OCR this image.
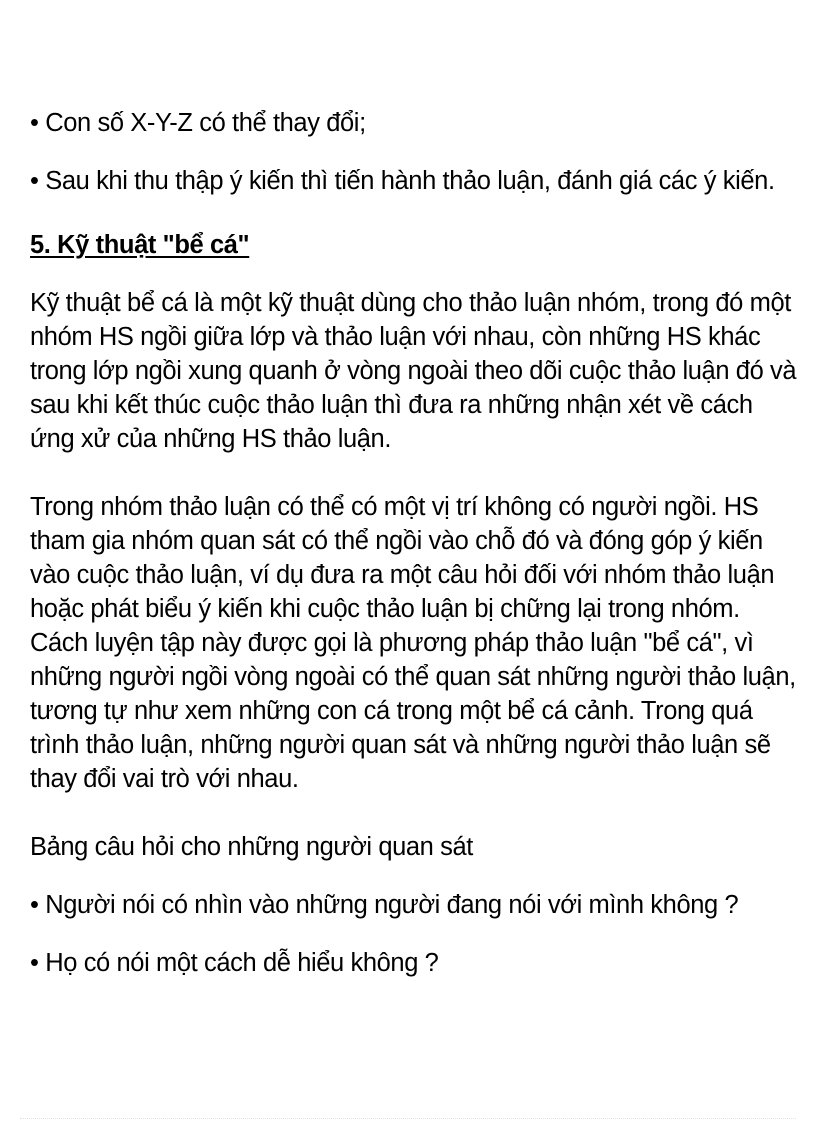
• Con số X-Y-Z có thể thay đổi;

• Sau khi thu thập ý kiến thì tiến hành thảo luận, đánh giá các ý kiến.

5. Kỹ thuật "bể cá"

Kỹ thuật bể cá là một kỹ thuật dùng cho thảo luận nhóm, trong đó một nhóm HS ngồi giữa lớp và thảo luận với nhau, còn những HS khác trong lớp ngồi xung quanh ở vòng ngoài theo dõi cuộc thảo luận đó và sau khi kết thúc cuộc thảo luận thì đưa ra những nhận xét về cách ứng xử của những HS thảo luận.

Trong nhóm thảo luận có thể có một vị trí không có người ngồi. HS tham gia nhóm quan sát có thể ngồi vào chỗ đó và đóng góp ý kiến vào cuộc thảo luận, ví dụ đưa ra một câu hỏi đối với nhóm thảo luận hoặc phát biểu ý kiến khi cuộc thảo luận bị chững lại trong nhóm. Cách luyện tập này được gọi là phương pháp thảo luận "bể cá", vì những người ngồi vòng ngoài có thể quan sát những người thảo luận, tương tự như xem những con cá trong một bể cá cảnh. Trong quá trình thảo luận, những người quan sát và những người thảo luận sẽ thay đổi vai trò với nhau.

Bảng câu hỏi cho những người quan sát

• Người nói có nhìn vào những người đang nói với mình không ?

• Họ có nói một cách dễ hiểu không ?
